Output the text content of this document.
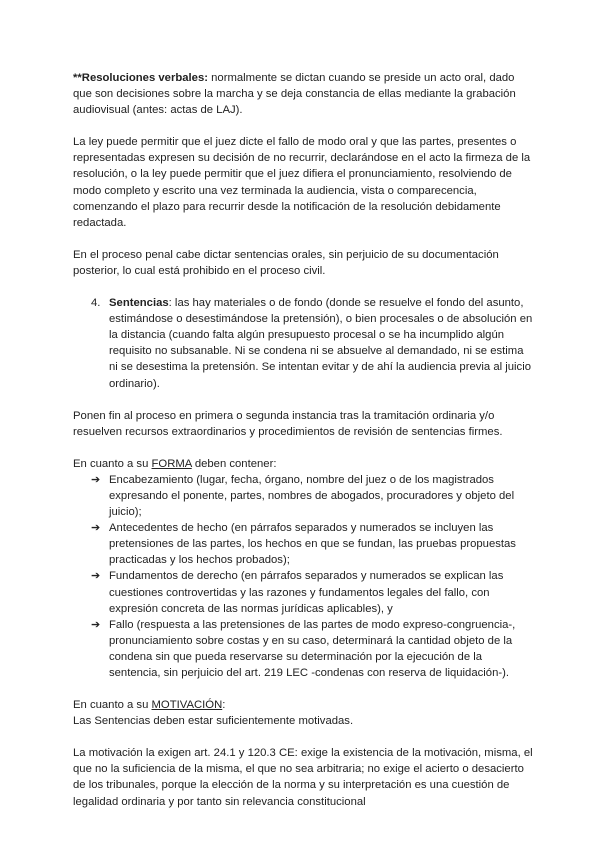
**Resoluciones verbales: normalmente se dictan cuando se preside un acto oral, dado que son decisiones sobre la marcha y se deja constancia de ellas mediante la grabación audiovisual (antes: actas de LAJ).

La ley puede permitir que el juez dicte el fallo de modo oral y que las partes, presentes o representadas expresen su decisión de no recurrir, declarándose en el acto la firmeza de la resolución, o la ley puede permitir que el juez difiera el pronunciamiento, resolviendo de modo completo y escrito una vez terminada la audiencia, vista o comparecencia, comenzando el plazo para recurrir desde la notificación de la resolución debidamente redactada.

En el proceso penal cabe dictar sentencias orales, sin perjuicio de su documentación posterior, lo cual está prohibido en el proceso civil.

4. Sentencias: las hay materiales o de fondo (donde se resuelve el fondo del asunto, estimándose o desestimándose la pretensión), o bien procesales o de absolución en la distancia (cuando falta algún presupuesto procesal o se ha incumplido algún requisito no subsanable. Ni se condena ni se absuelve al demandado, ni se estima ni se desestima la pretensión. Se intentan evitar y de ahí la audiencia previa al juicio ordinario).

Ponen fin al proceso en primera o segunda instancia tras la tramitación ordinaria y/o resuelven recursos extraordinarios y procedimientos de revisión de sentencias firmes.

En cuanto a su FORMA deben contener:

➔ Encabezamiento (lugar, fecha, órgano, nombre del juez o de los magistrados expresando el ponente, partes, nombres de abogados, procuradores y objeto del juicio);
➔ Antecedentes de hecho (en párrafos separados y numerados se incluyen las pretensiones de las partes, los hechos en que se fundan, las pruebas propuestas practicadas y los hechos probados);
➔ Fundamentos de derecho (en párrafos separados y numerados se explican las cuestiones controvertidas y las razones y fundamentos legales del fallo, con expresión concreta de las normas jurídicas aplicables), y
➔ Fallo (respuesta a las pretensiones de las partes de modo expreso-congruencia-, pronunciamiento sobre costas y en su caso, determinará la cantidad objeto de la condena sin que pueda reservarse su determinación por la ejecución de la sentencia, sin perjuicio del art. 219 LEC -condenas con reserva de liquidación-).

En cuanto a su MOTIVACIÓN:

Las Sentencias deben estar suficientemente motivadas.

La motivación la exigen art. 24.1 y 120.3 CE: exige la existencia de la motivación, misma, el que no la suficiencia de la misma, el que no sea arbitraria; no exige el acierto o desacierto de los tribunales, porque la elección de la norma y su interpretación es una cuestión de legalidad ordinaria y por tanto sin relevancia constitucional
